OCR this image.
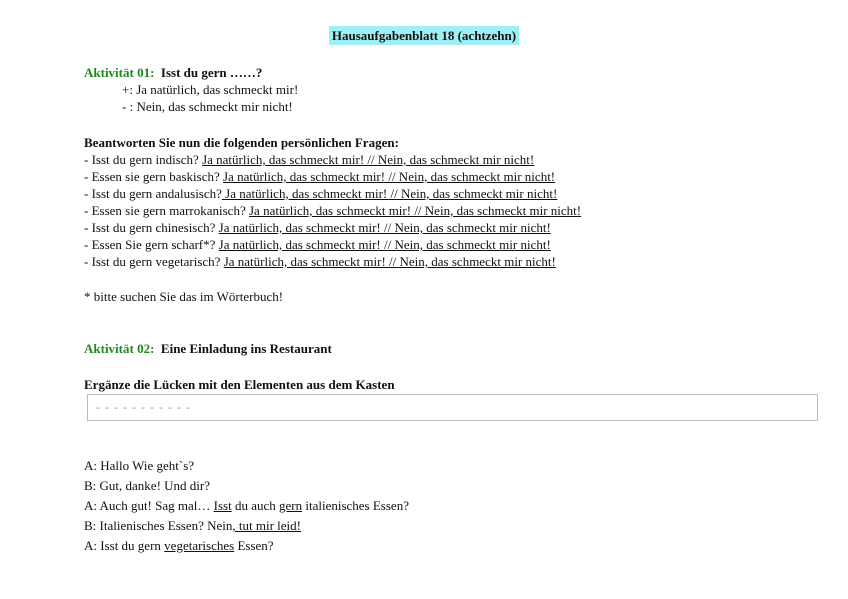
Hausaufgabenblatt 18 (achtzehn)
Aktivität 01: Isst du gern ……?
+: Ja natürlich, das schmeckt mir!
- : Nein, das schmeckt mir nicht!
Beantworten Sie nun die folgenden persönlichen Fragen:
- Isst du gern indisch? Ja natürlich, das schmeckt mir! // Nein, das schmeckt mir nicht!
- Essen sie gern baskisch? Ja natürlich, das schmeckt mir! // Nein, das schmeckt mir nicht!
- Isst du gern andalusisch? Ja natürlich, das schmeckt mir! // Nein, das schmeckt mir nicht!
- Essen sie gern marrokanisch? Ja natürlich, das schmeckt mir! // Nein, das schmeckt mir nicht!
- Isst du gern chinesisch? Ja natürlich, das schmeckt mir! // Nein, das schmeckt mir nicht!
- Essen Sie gern scharf*? Ja natürlich, das schmeckt mir! // Nein, das schmeckt mir nicht!
- Isst du gern vegetarisch? Ja natürlich, das schmeckt mir! // Nein, das schmeckt mir nicht!
* bitte suchen Sie das im Wörterbuch!
Aktivität 02: Eine Einladung ins Restaurant
Ergänze die Lücken mit den Elementen aus dem Kasten
- - - - - - - - - - -
A: Hallo Wie geht`s?
B: Gut, danke! Und dir?
A: Auch gut! Sag mal… Isst du auch gern italienisches Essen?
B: Italienisches Essen? Nein, tut mir leid!
A: Isst du gern vegetarisches Essen?
